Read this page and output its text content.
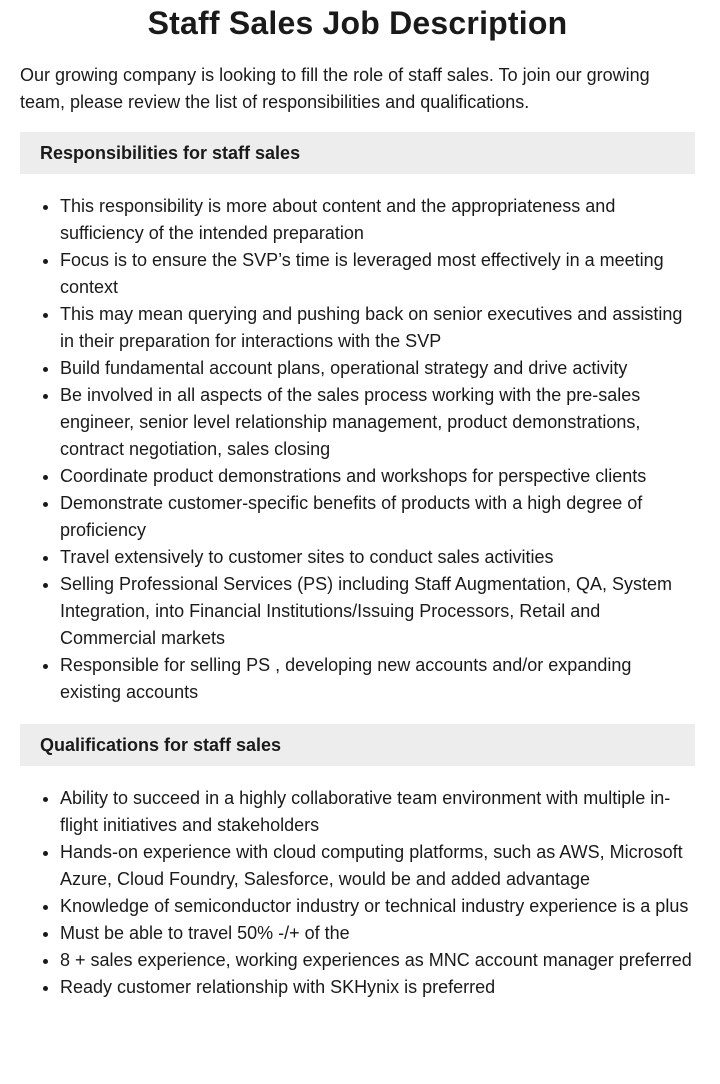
Staff Sales Job Description

Our growing company is looking to fill the role of staff sales. To join our growing team, please review the list of responsibilities and qualifications.

Responsibilities for staff sales
• This responsibility is more about content and the appropriateness and sufficiency of the intended preparation
• Focus is to ensure the SVP’s time is leveraged most effectively in a meeting context
• This may mean querying and pushing back on senior executives and assisting in their preparation for interactions with the SVP
• Build fundamental account plans, operational strategy and drive activity
• Be involved in all aspects of the sales process working with the pre-sales engineer, senior level relationship management, product demonstrations, contract negotiation, sales closing
• Coordinate product demonstrations and workshops for perspective clients
• Demonstrate customer-specific benefits of products with a high degree of proficiency
• Travel extensively to customer sites to conduct sales activities
• Selling Professional Services (PS) including Staff Augmentation, QA, System Integration, into Financial Institutions/Issuing Processors, Retail and Commercial markets
• Responsible for selling PS , developing new accounts and/or expanding existing accounts
Qualifications for staff sales
• Ability to succeed in a highly collaborative team environment with multiple in-flight initiatives and stakeholders
• Hands-on experience with cloud computing platforms, such as AWS, Microsoft Azure, Cloud Foundry, Salesforce, would be and added advantage
• Knowledge of semiconductor industry or technical industry experience is a plus
• Must be able to travel 50% -/+ of the
• 8 + sales experience, working experiences as MNC account manager preferred
• Ready customer relationship with SKHynix is preferred
